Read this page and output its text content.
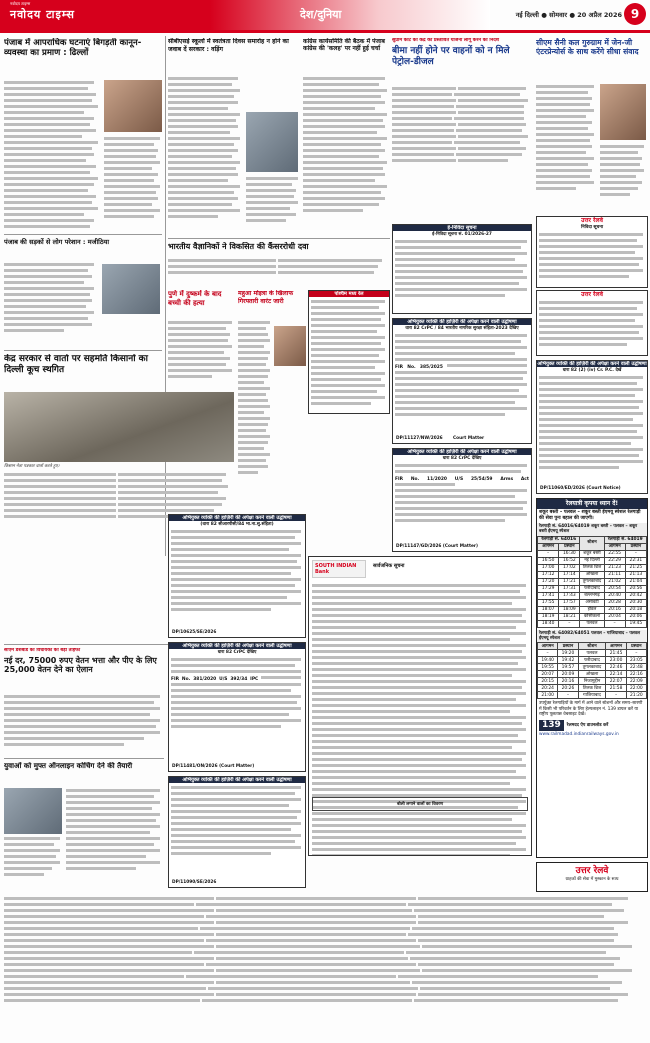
नवोदय टाइम्स
नवोदय टाइम्स	देश/दुनिया	नई दिल्ली ● सोमवार ● 20 अप्रैल 2026 9
पंजाब में आपराधिक घटनाएं बिगड़ती कानून-व्यवस्था का प्रमाण : ढिल्लों
सीबीएसई स्कूलों में स्वतंत्रता दिवस समारोह न होने का जवाब दें सरकार : वड़िंग
कांग्रेस कार्यसमिति की बैठक में पंजाब कांग्रेस की 'कलह' पर नहीं हुई चर्चा
सुप्रीम कोर्ट का केंद्र को प्रस्तावित योजना लागू करने का निर्देश
बीमा नहीं होने पर वाहनों को न मिले पेट्रोल-डीजल
सीएम सैनी कल गुरुग्राम में जेन-जी एंटरप्रेन्योर्स के साथ करेंगे सीधा संवाद
उत्तर रेलवे
निविदा सूचना
उत्तर रेलवे
ई-निविदा सूचना
ई-निविदा सूचना सं. 01/2026-27
पंजाब की सड़कों से लोग परेशान : मजीठिया	भारतीय वैज्ञानिकों ने विकसित की कैंसररोधी दवा
पुणे में दुष्कर्म के बाद बच्ची की हत्या
महुआ मोइत्रा के खिलाफ गिरफ्तारी वारंट जारी
पश्चिम मध्य रेल
अभियुक्त व्यक्ति की हाज़िरी की अपेक्षा करने वाली उद्घोषणा
धारा 82 CrPC / 84 भारतीय नागरिक सुरक्षा संहिता-2023 देखिए
FIR No. 385/2025
DP/11127/NW/2026 Court Matter
अभियुक्त व्यक्ति की हाज़िरी की अपेक्षा करने वाली उद्घोषणा
धारा 82 CrPC देखिए
FIR No. 11/2020 U/S 25/54/59 Arms Act
DP/11147/GD/2026 (Court Matter)
अभियुक्त व्यक्ति की हाज़िरी की अपेक्षा करने वाली उद्घोषणा
धारा 82 (2) (iv) Cr. P.C. देखें
DP/11060/ED/2026 (Court Notice)
केंद्र सरकार से वार्ता पर सहमति किसानों का दिल्ली कूच स्थगित
किसान नेता पत्रकार वार्ता करते हुए।
अभियुक्त व्यक्ति की हाज़िरी की अपेक्षा करने वाली उद्घोषणा
(धारा 82 सीआरपीसी/84 भा.ना.सु.संहिता)
DP/10625/SE/2026
SOUTH INDIAN Bank
सार्वजनिक सूचना
बोली लगाने वालों का विवरण
सीएम डैशबोर्ड का विधायकों को बड़ा तोहफा
नई दर, 75000 रुपए वेतन भत्ता और पीए के लिए 25,000 वेतन देने का ऐलान
अभियुक्त व्यक्ति की हाज़िरी की अपेक्षा करने वाली उद्घोषणा
धारा 82 CrPC देखिए
FIR No. 381/2020 U/S 392/34 IPC
DP/11481/ON/2026 (Court Matter)
युवाओं को मुफ्त ऑनलाइन कोचिंग देने की तैयारी
अभियुक्त व्यक्ति की हाज़िरी की अपेक्षा करने वाली उद्घोषणा
DP/11090/SE/2026
रेलयात्री कृपया ध्यान दें!
शकूर बस्ती – पलवल – शकूर बस्ती ईएमयू स्पेशल रेलगाड़ी की सेवा पुनः बहाल की जाएगी।
रेलगाड़ी सं. 64016/64019 शकूर बस्ती – पलवल – शकूर बस्ती ईएमयू स्पेशल
रेलगाड़ी सं. 64016		स्टेशन	रेलगाड़ी सं. 64019	
आगमन	प्रस्थान		आगमन	प्रस्थान
–	16:30	शकूर बस्ती	22:55	–
16:50	16:52	नई दिल्ली	22:29	22:31
17:00	17:02	तिलक ब्रिज	21:23	21:25
17:12	17:14	ओखला	21:11	21:13
17:20	17:21	तुगलकाबाद	21:02	21:04
17:29	17:31	फरीदाबाद	20:54	20:56
17:41	17:43	बल्लभगढ़	20:40	20:42
17:55	17:57	असावटी	20:28	20:30
18:07	18:09	होडल	20:16	20:18
18:19	18:21	कोसीकलां	20:04	20:06
18:40	–	पलवल	–	19:45
रेलगाड़ी सं. 64082/64051 पलवल – गाजियाबाद – पलवल ईएमयू स्पेशल
आगमन	प्रस्थान	स्टेशन	आगमन	प्रस्थान
–	19:20	पलवल	21:45	–
19:40	19:42	फरीदाबाद	23:00	23:05
19:55	19:57	तुगलकाबाद	22:46	22:48
20:07	20:09	ओखला	22:14	22:16
20:15	20:16	निजामुद्दीन	22:07	22:09
20:24	20:26	तिलक ब्रिज	21:58	22:00
21:00	–	गाजियाबाद	–	21:20
उपर्युक्त रेलगाड़ियों के मार्ग में आने वाले स्टेशनों और समय–सारणी में किसी भी परिवर्तन के लिए हेल्पलाइन नं. 139 डायल करें या राष्ट्रीय पूछताछ वेबसाइट देखें।
139	रेलमदद ऐप डाउनलोड करें
www.railmadad.indianrailways.gov.in
उत्तर रेलवे
ग्राहकों की सेवा में मुस्कान के साथ
